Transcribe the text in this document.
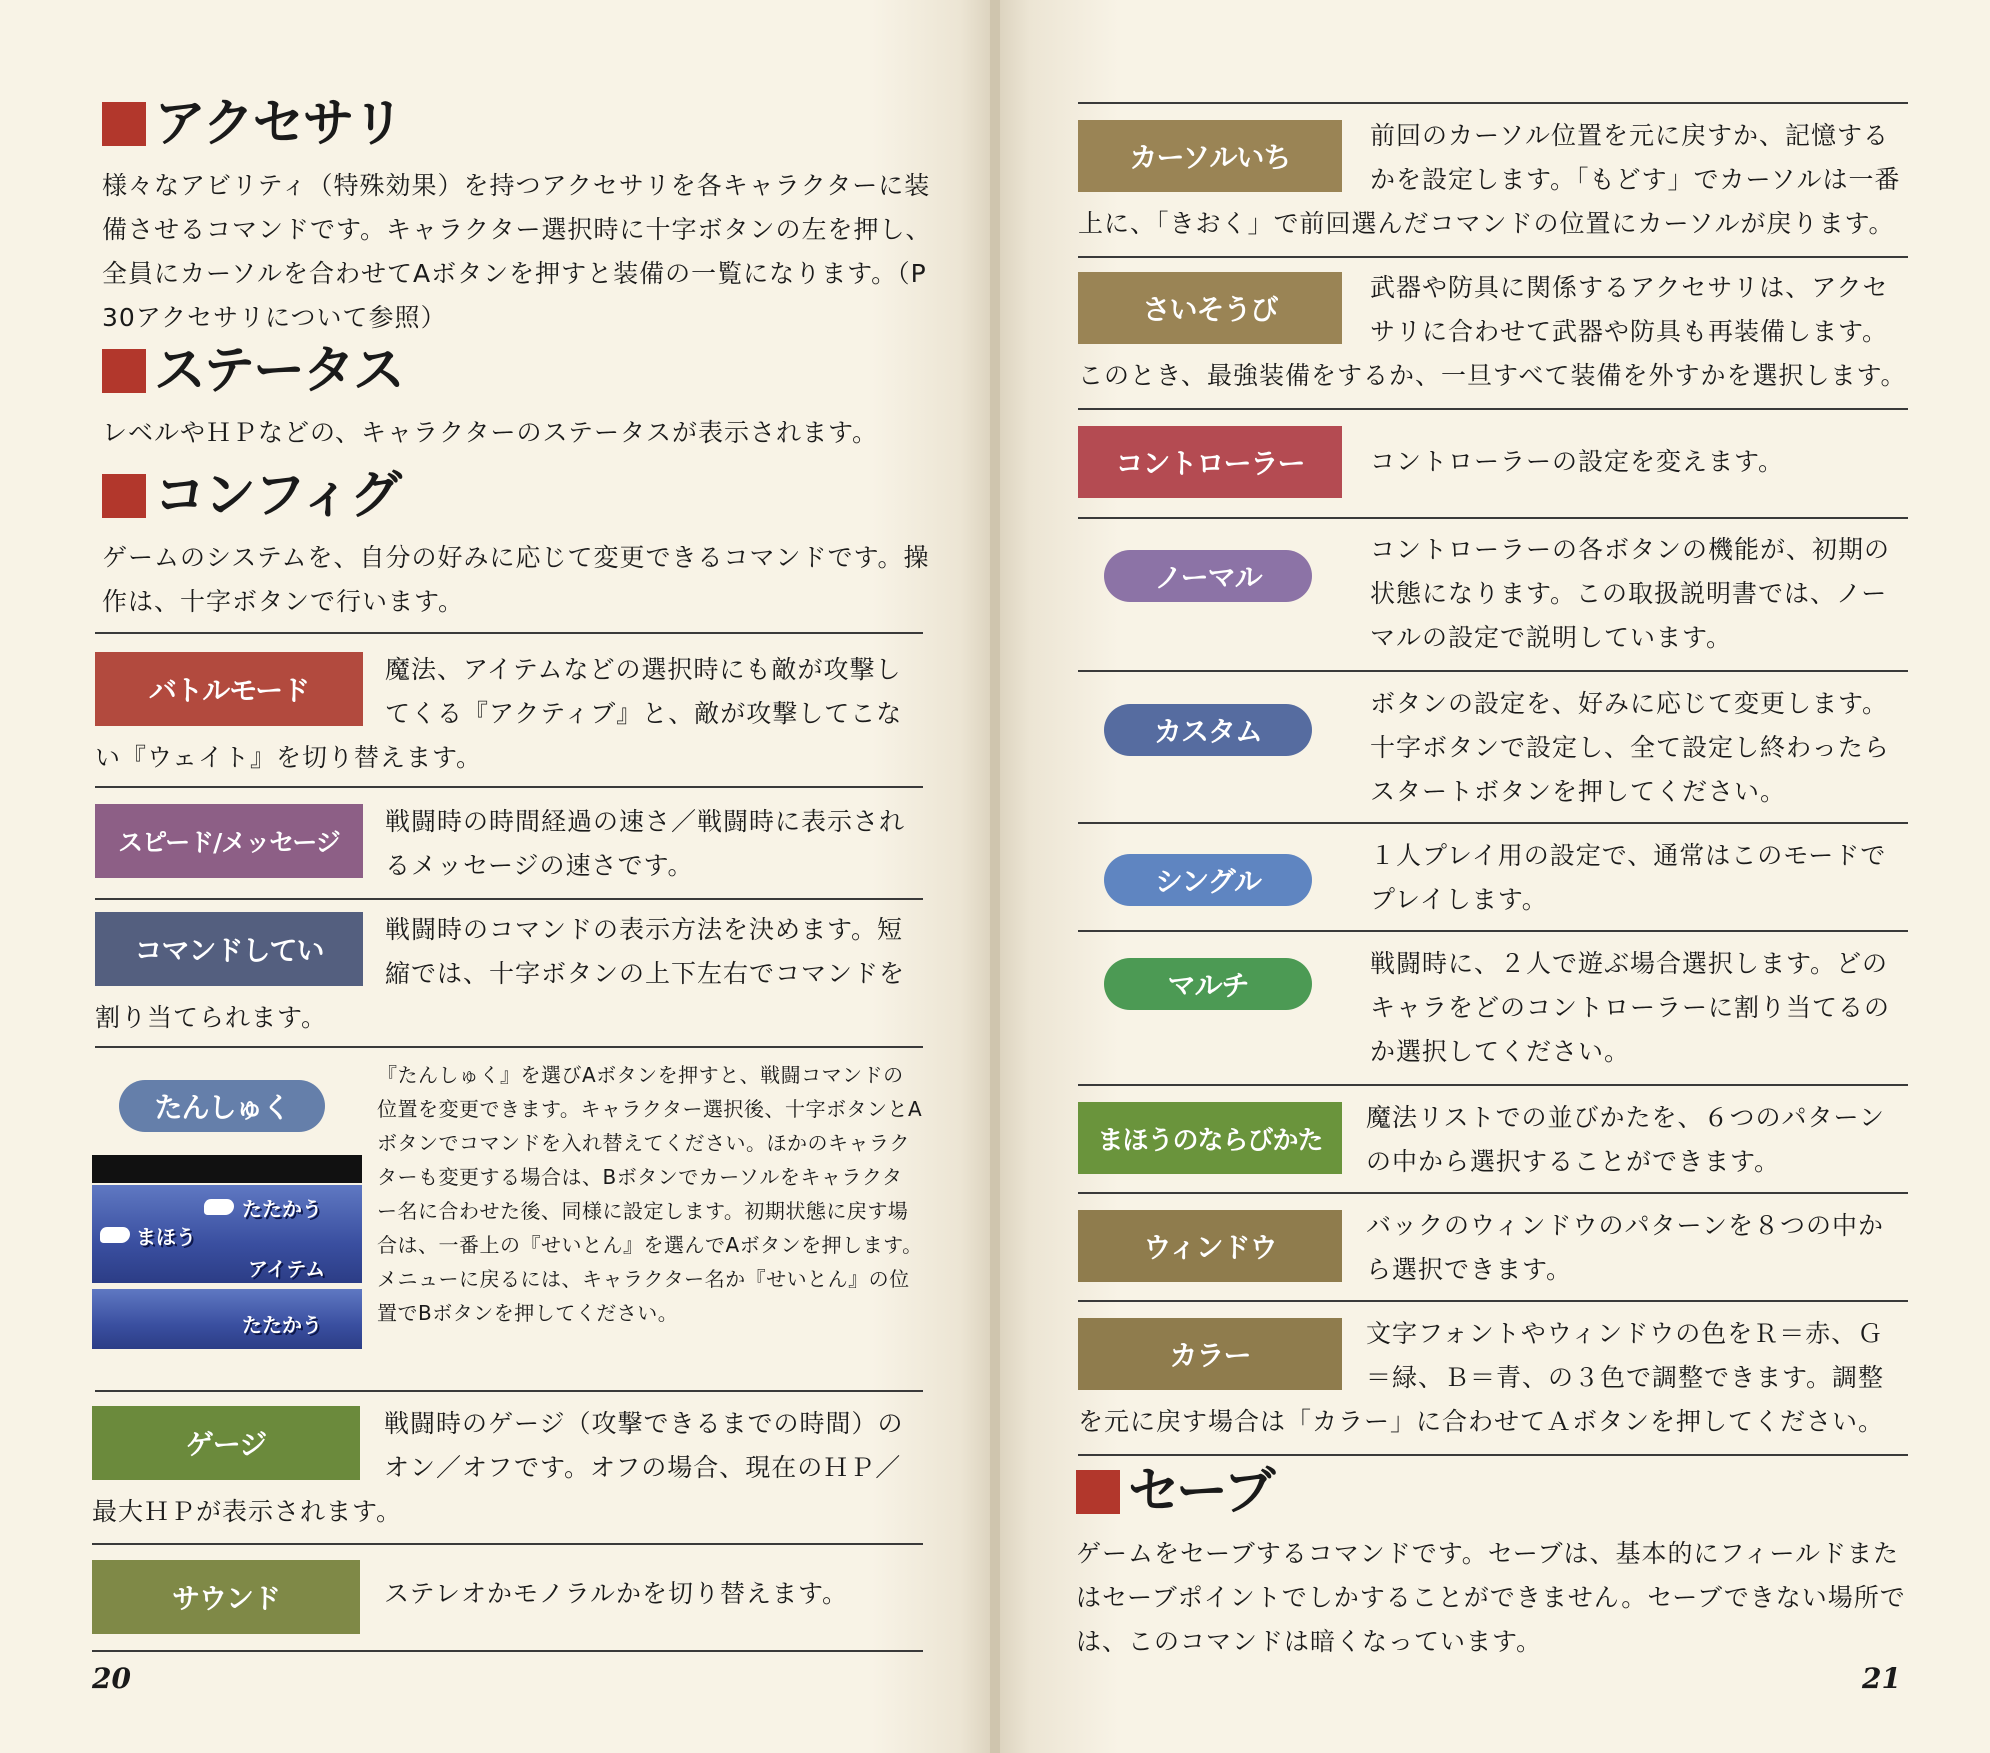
アクセサリ

様々なアビリティ（特殊効果）を持つアクセサリを各キャラクターに装備させるコマンドです。キャラクター選択時に十字ボタンの左を押し、全員にカーソルを合わせてAボタンを押すと装備の一覧になります。（P 30アクセサリについて参照）

ステータス

レベルやＨＰなどの、キャラクターのステータスが表示されます。

コンフィグ

ゲームのシステムを、自分の好みに応じて変更できるコマンドです。操作は、十字ボタンで行います。

バトルモード

魔法、アイテムなどの選択時にも敵が攻撃してくる『アクティブ』と、敵が攻撃してこない『ウェイト』を切り替えます。

スピード/メッセージ

戦闘時の時間経過の速さ／戦闘時に表示されるメッセージの速さです。

コマンドしてい

戦闘時のコマンドの表示方法を決めます。短縮では、十字ボタンの上下左右でコマンドを割り当てられます。

たんしゅく

『たんしゅく』を選びAボタンを押すと、戦闘コマンドの位置を変更できます。キャラクター選択後、十字ボタンとAボタンでコマンドを入れ替えてください。ほかのキャラクターも変更する場合は、Bボタンでカーソルをキャラクター名に合わせた後、同様に設定します。初期状態に戻す場合は、一番上の『せいとん』を選んでAボタンを押します。メニューに戻るには、キャラクター名か『せいとん』の位置でBボタンを押してください。

たたかう
まほう
アイテム
たたかう
ゲージ

戦闘時のゲージ（攻撃できるまでの時間）のオン／オフです。オフの場合、現在のＨＰ／最大ＨＰが表示されます。

サウンド	ステレオかモノラルかを切り替えます。

20
カーソルいち

前回のカーソル位置を元に戻すか、記憶するかを設定します。「もどす」でカーソルは一番上に、「きおく」で前回選んだコマンドの位置にカーソルが戻ります。

さいそうび

武器や防具に関係するアクセサリは、アクセサリに合わせて武器や防具も再装備します。このとき、最強装備をするか、一旦すべて装備を外すかを選択します。

コントローラー	コントローラーの設定を変えます。

ノーマル

コントローラーの各ボタンの機能が、初期の状態になります。この取扱説明書では、ノーマルの設定で説明しています。

カスタム

ボタンの設定を、好みに応じて変更します。十字ボタンで設定し、全て設定し終わったらスタートボタンを押してください。

シングル

１人プレイ用の設定で、通常はこのモードでプレイします。

マルチ

戦闘時に、２人で遊ぶ場合選択します。どのキャラをどのコントローラーに割り当てるのか選択してください。

まほうのならびかた

魔法リストでの並びかたを、６つのパターンの中から選択することができます。

ウィンドウ

バックのウィンドウのパターンを８つの中から選択できます。

カラー

文字フォントやウィンドウの色をＲ＝赤、Ｇ＝緑、Ｂ＝青、の３色で調整できます。調整を元に戻す場合は「カラー」に合わせてＡボタンを押してください。

セーブ

ゲームをセーブするコマンドです。セーブは、基本的にフィールドまたはセーブポイントでしかすることができません。セーブできない場所では、このコマンドは暗くなっています。

21
